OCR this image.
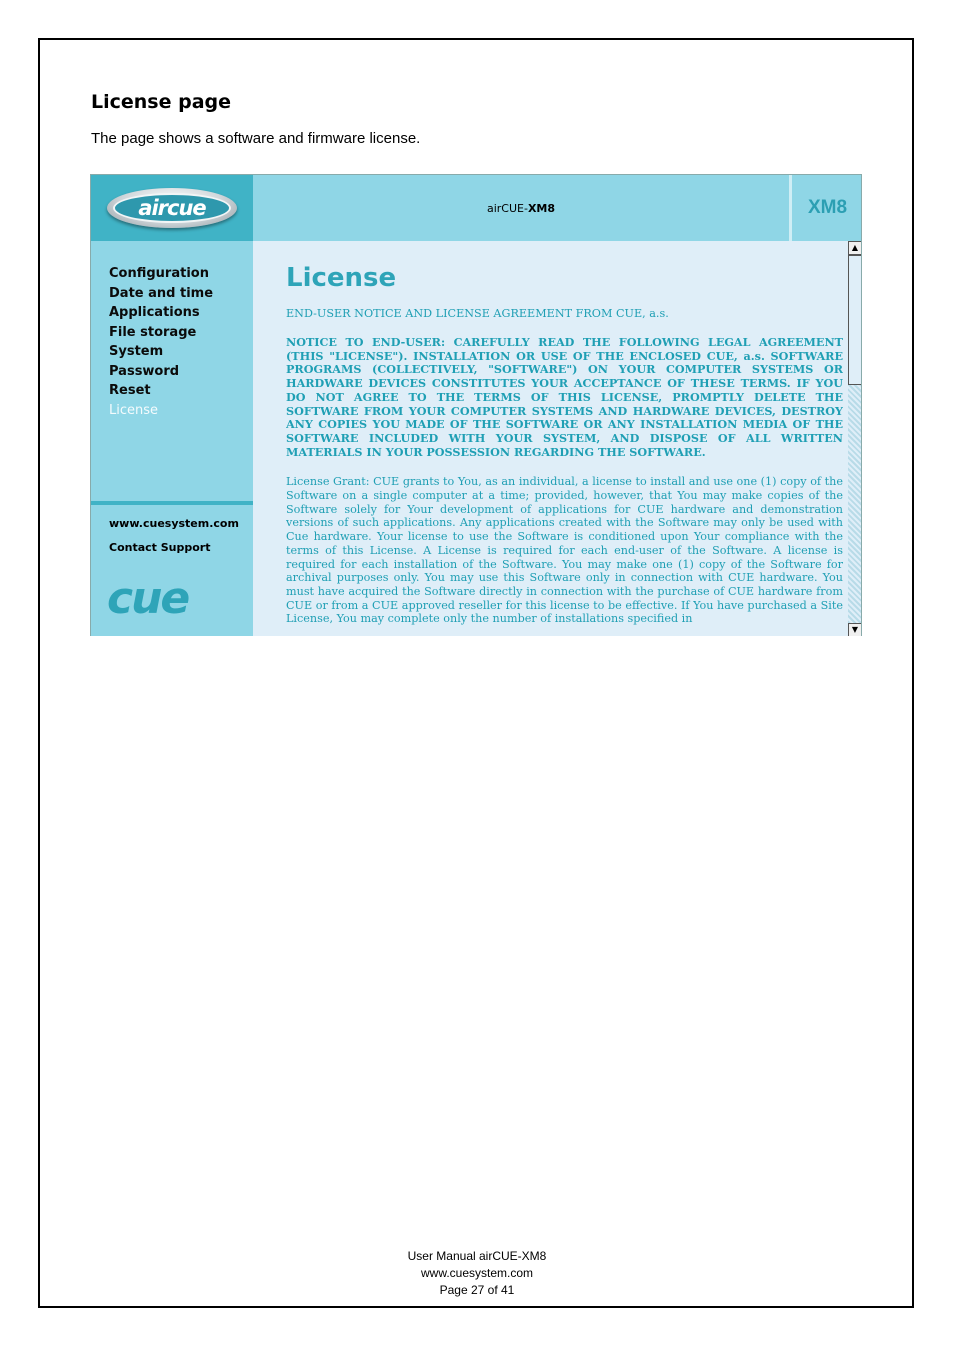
License page

The page shows a software and firmware license.

aircue
Configuration
Date and time
Applications
File storage
System
Password
Reset
License
www.cuesystem.com
Contact Support
cue
airCUE-XM8	XM8
License

END-USER NOTICE AND LICENSE AGREEMENT FROM CUE, a.s.

NOTICE TO END-USER: CAREFULLY READ THE FOLLOWING LEGAL AGREEMENT (THIS "LICENSE"). INSTALLATION OR USE OF THE ENCLOSED CUE, a.s. SOFTWARE PROGRAMS (COLLECTIVELY, "SOFTWARE") ON YOUR COMPUTER SYSTEMS OR HARDWARE DEVICES CONSTITUTES YOUR ACCEPTANCE OF THESE TERMS. IF YOU DO NOT AGREE TO THE TERMS OF THIS LICENSE, PROMPTLY DELETE THE SOFTWARE FROM YOUR COMPUTER SYSTEMS AND HARDWARE DEVICES, DESTROY ANY COPIES YOU MADE OF THE SOFTWARE OR ANY INSTALLATION MEDIA OF THE SOFTWARE INCLUDED WITH YOUR SYSTEM, AND DISPOSE OF ALL WRITTEN MATERIALS IN YOUR POSSESSION REGARDING THE SOFTWARE.

License Grant: CUE grants to You, as an individual, a license to install and use one (1) copy of the Software on a single computer at a time; provided, however, that You may make copies of the Software solely for Your development of applications for CUE hardware and demonstration versions of such applications. Any applications created with the Software may only be used with Cue hardware. Your license to use the Software is conditioned upon Your compliance with the terms of this License. A License is required for each end-user of the Software. A license is required for each installation of the Software. You may make one (1) copy of the Software for archival purposes only. You may use this Software only in connection with CUE hardware. You must have acquired the Software directly in connection with the purchase of CUE hardware from CUE or from a CUE approved reseller for this license to be effective. If You have purchased a Site License, You may complete only the number of installations specified in

▲
▼
User Manual airCUE-XM8
www.cuesystem.com
Page 27 of 41
